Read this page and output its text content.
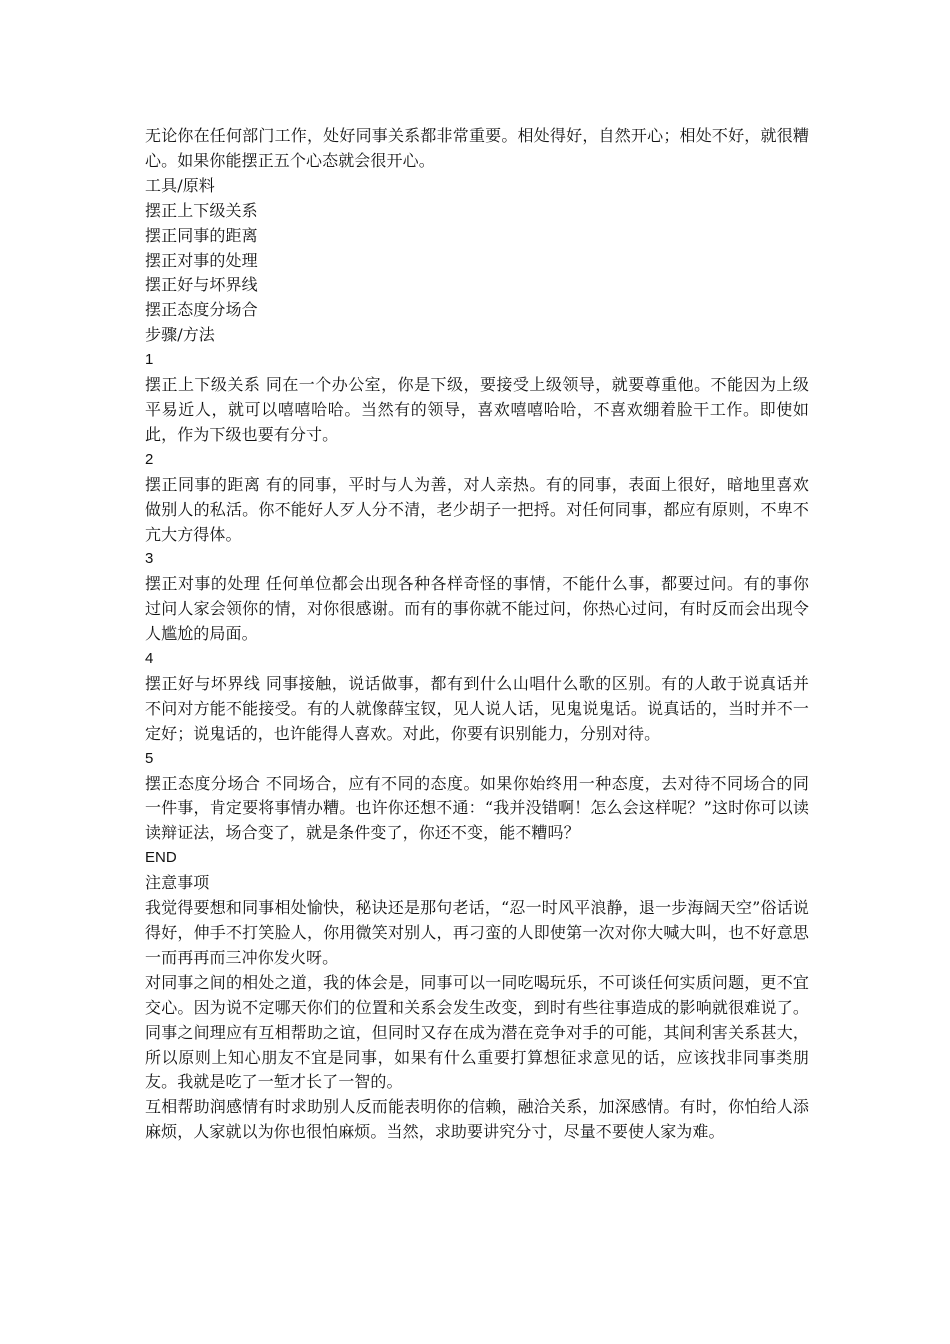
无论你在任何部门工作，处好同事关系都非常重要。相处得好，自然开心；相处不好，就很糟心。如果你能摆正五个心态就会很开心。

工具/原料
摆正上下级关系
摆正同事的距离
摆正对事的处理
摆正好与坏界线
摆正态度分场合
步骤/方法
1

摆正上下级关系 同在一个办公室，你是下级，要接受上级领导，就要尊重他。不能因为上级平易近人，就可以嘻嘻哈哈。当然有的领导，喜欢嘻嘻哈哈，不喜欢绷着脸干工作。即使如此，作为下级也要有分寸。

2

摆正同事的距离 有的同事，平时与人为善，对人亲热。有的同事，表面上很好，暗地里喜欢做别人的私活。你不能好人歹人分不清，老少胡子一把捋。对任何同事，都应有原则，不卑不亢大方得体。

3

摆正对事的处理 任何单位都会出现各种各样奇怪的事情，不能什么事，都要过问。有的事你过问人家会领你的情，对你很感谢。而有的事你就不能过问，你热心过问，有时反而会出现令人尴尬的局面。

4

摆正好与坏界线 同事接触，说话做事，都有到什么山唱什么歌的区别。有的人敢于说真话并不问对方能不能接受。有的人就像薛宝钗，见人说人话，见鬼说鬼话。说真话的，当时并不一定好；说鬼话的，也许能得人喜欢。对此，你要有识别能力，分别对待。

5

摆正态度分场合 不同场合，应有不同的态度。如果你始终用一种态度，去对待不同场合的同一件事，肯定要将事情办糟。也许你还想不通：“我并没错啊！怎么会这样呢？”这时你可以读读辩证法，场合变了，就是条件变了，你还不变，能不糟吗？

END
注意事项

我觉得要想和同事相处愉快，秘诀还是那句老话，“忍一时风平浪静，退一步海阔天空”俗话说得好，伸手不打笑脸人，你用微笑对别人，再刁蛮的人即使第一次对你大喊大叫，也不好意思一而再再而三冲你发火呀。

对同事之间的相处之道，我的体会是，同事可以一同吃喝玩乐，不可谈任何实质问题，更不宜交心。因为说不定哪天你们的位置和关系会发生改变，到时有些往事造成的影响就很难说了。同事之间理应有互相帮助之谊，但同时又存在成为潜在竞争对手的可能，其间利害关系甚大，所以原则上知心朋友不宜是同事，如果有什么重要打算想征求意见的话，应该找非同事类朋友。我就是吃了一堑才长了一智的。

互相帮助润感情有时求助别人反而能表明你的信赖，融洽关系，加深感情。有时，你怕给人添麻烦，人家就以为你也很怕麻烦。当然，求助要讲究分寸，尽量不要使人家为难。
